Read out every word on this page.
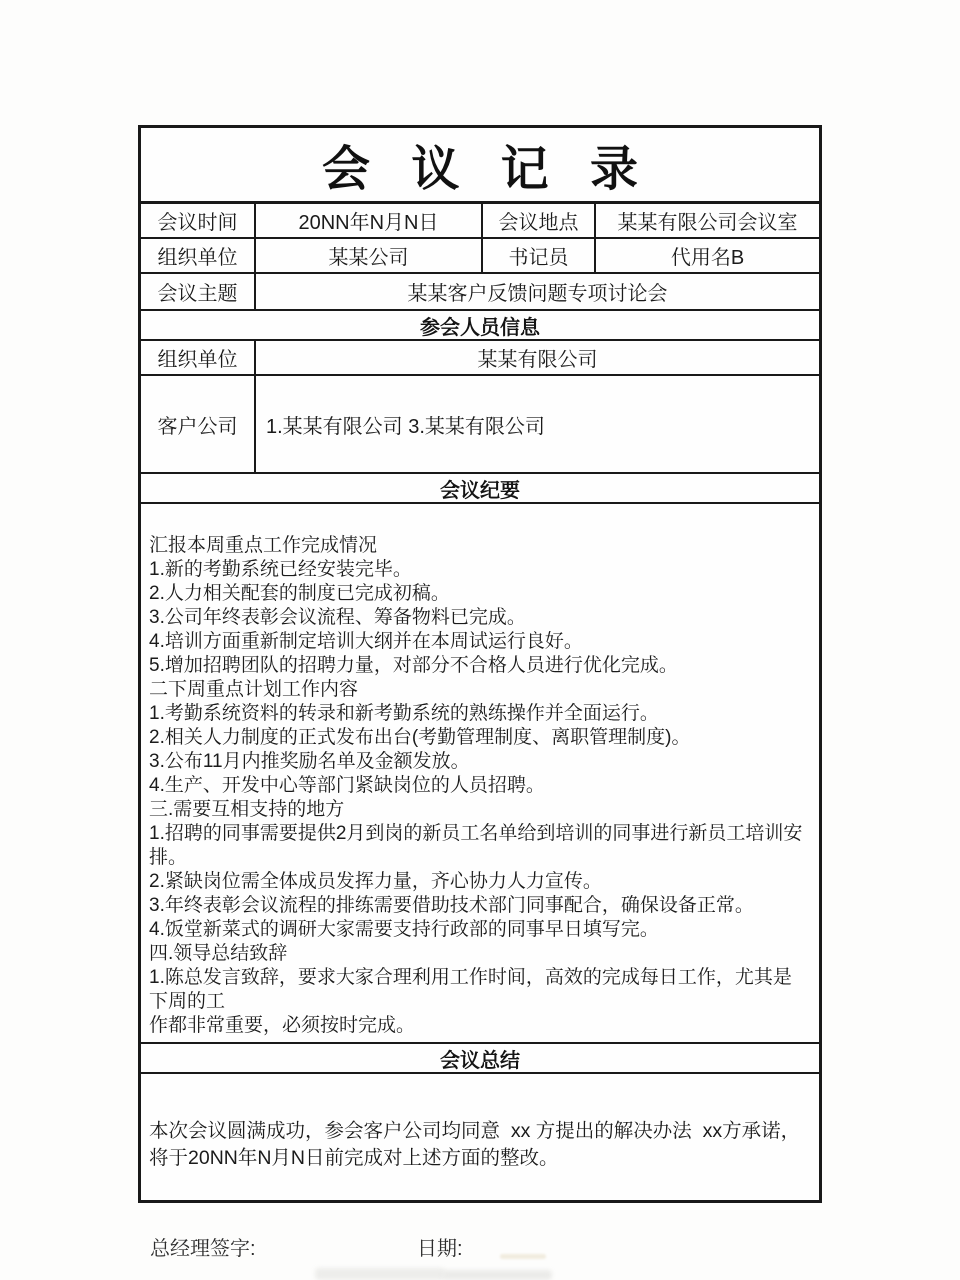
会 议 记 录
会议时间	20NN年N月N日	会议地点	某某有限公司会议室
组织单位	某某公司	书记员	代用名B
会议主题	某某客户反馈问题专项讨论会
参会人员信息
组织单位	某某有限公司
客户公司	1.某某有限公司 3.某某有限公司
会议纪要
汇报本周重点工作完成情况
1.新的考勤系统已经安装完毕。
2.人力相关配套的制度已完成初稿。
3.公司年终表彰会议流程、筹备物料已完成。
4.培训方面重新制定培训大纲并在本周试运行良好。
5.增加招聘团队的招聘力量，对部分不合格人员进行优化完成。
二下周重点计划工作内容
1.考勤系统资料的转录和新考勤系统的熟练操作并全面运行。
2.相关人力制度的正式发布出台(考勤管理制度、离职管理制度)。
3.公布11月内推奖励名单及金额发放。
4.生产、开发中心等部门紧缺岗位的人员招聘。
三.需要互相支持的地方
1.招聘的同事需要提供2月到岗的新员工名单给到培训的同事进行新员工培训安
排。
2.紧缺岗位需全体成员发挥力量，齐心协力人力宣传。
3.年终表彰会议流程的排练需要借助技术部门同事配合，确保设备正常。
4.饭堂新菜式的调研大家需要支持行政部的同事早日填写完。
四.领导总结致辞
1.陈总发言致辞，要求大家合理利用工作时间，高效的完成每日工作，尤其是
下周的工
作都非常重要，必须按时完成。
会议总结
本次会议圆满成功，参会客户公司均同意  xx 方提出的解决办法  xx方承诺，
将于20NN年N月N日前完成对上述方面的整改。
总经理签字:	日期:
